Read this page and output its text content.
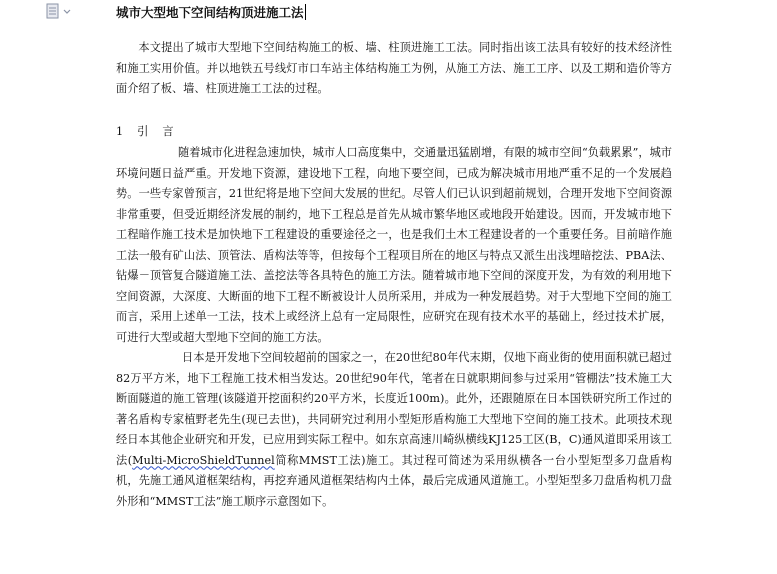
城市大型地下空间结构顶进施工法

本文提出了城市大型地下空间结构施工的板、墙、柱顶进施工工法。同时指出该工法具有较好的技术经济性和施工实用价值。并以地铁五号线灯市口车站主体结构施工为例，从施工方法、施工工序、以及工期和造价等方面介绍了板、墙、柱顶进施工工法的过程。

1 引 言

随着城市化进程急速加快，城市人口高度集中，交通量迅猛剧增，有限的城市空间“负载累累”，城市环境问题日益严重。开发地下资源，建设地下工程，向地下要空间，已成为解决城市用地严重不足的一个发展趋势。一些专家曾预言，21世纪将是地下空间大发展的世纪。尽管人们已认识到超前规划，合理开发地下空间资源非常重要，但受近期经济发展的制约，地下工程总是首先从城市繁华地区或地段开始建设。因而，开发城市地下工程暗作施工技术是加快地下工程建设的重要途径之一，也是我们土木工程建设者的一个重要任务。目前暗作施工法一般有矿山法、顶管法、盾构法等等，但按每个工程项目所在的地区与特点又派生出浅埋暗挖法、PBA法、钻爆－顶管复合隧道施工法、盖挖法等各具特色的施工方法。随着城市地下空间的深度开发，为有效的利用地下空间资源，大深度、大断面的地下工程不断被设计人员所采用，并成为一种发展趋势。对于大型地下空间的施工而言，采用上述单一工法，技术上或经济上总有一定局限性，应研究在现有技术水平的基础上，经过技术扩展，可进行大型或超大型地下空间的施工方法。

日本是开发地下空间较超前的国家之一，在20世纪80年代末期，仅地下商业街的使用面积就已超过82万平方米，地下工程施工技术相当发达。20世纪90年代，笔者在日就职期间参与过采用“管棚法”技术施工大断面隧道的施工管理(该隧道开挖面积约20平方米，长度近100m)。此外，还跟随原在日本国铁研究所工作过的著名盾构专家植野老先生(现已去世)，共同研究过利用小型矩形盾构施工大型地下空间的施工技术。此项技术现经日本其他企业研究和开发，已应用到实际工程中。如东京高速川崎纵横线KJ125工区(B，C)通风道即采用该工法(Multi-MicroShieldTunnel简称MMST工法)施工。其过程可简述为采用纵横各一台小型矩型多刀盘盾构机，先施工通风道框架结构，再挖弃通风道框架结构内土体，最后完成通风道施工。小型矩型多刀盘盾构机刀盘外形和“MMST工法”施工顺序示意图如下。
